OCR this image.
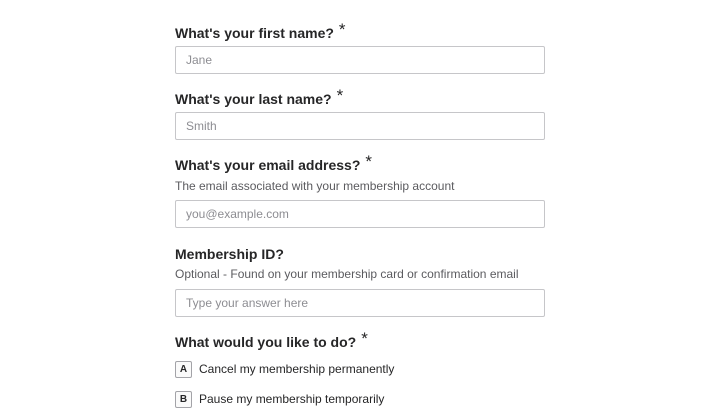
What's your first name? *
Jane
What's your last name? *
Smith
What's your email address? *
The email associated with your membership account
you@example.com
Membership ID?
Optional - Found on your membership card or confirmation email
Type your answer here
What would you like to do? *
A Cancel my membership permanently
B Pause my membership temporarily
